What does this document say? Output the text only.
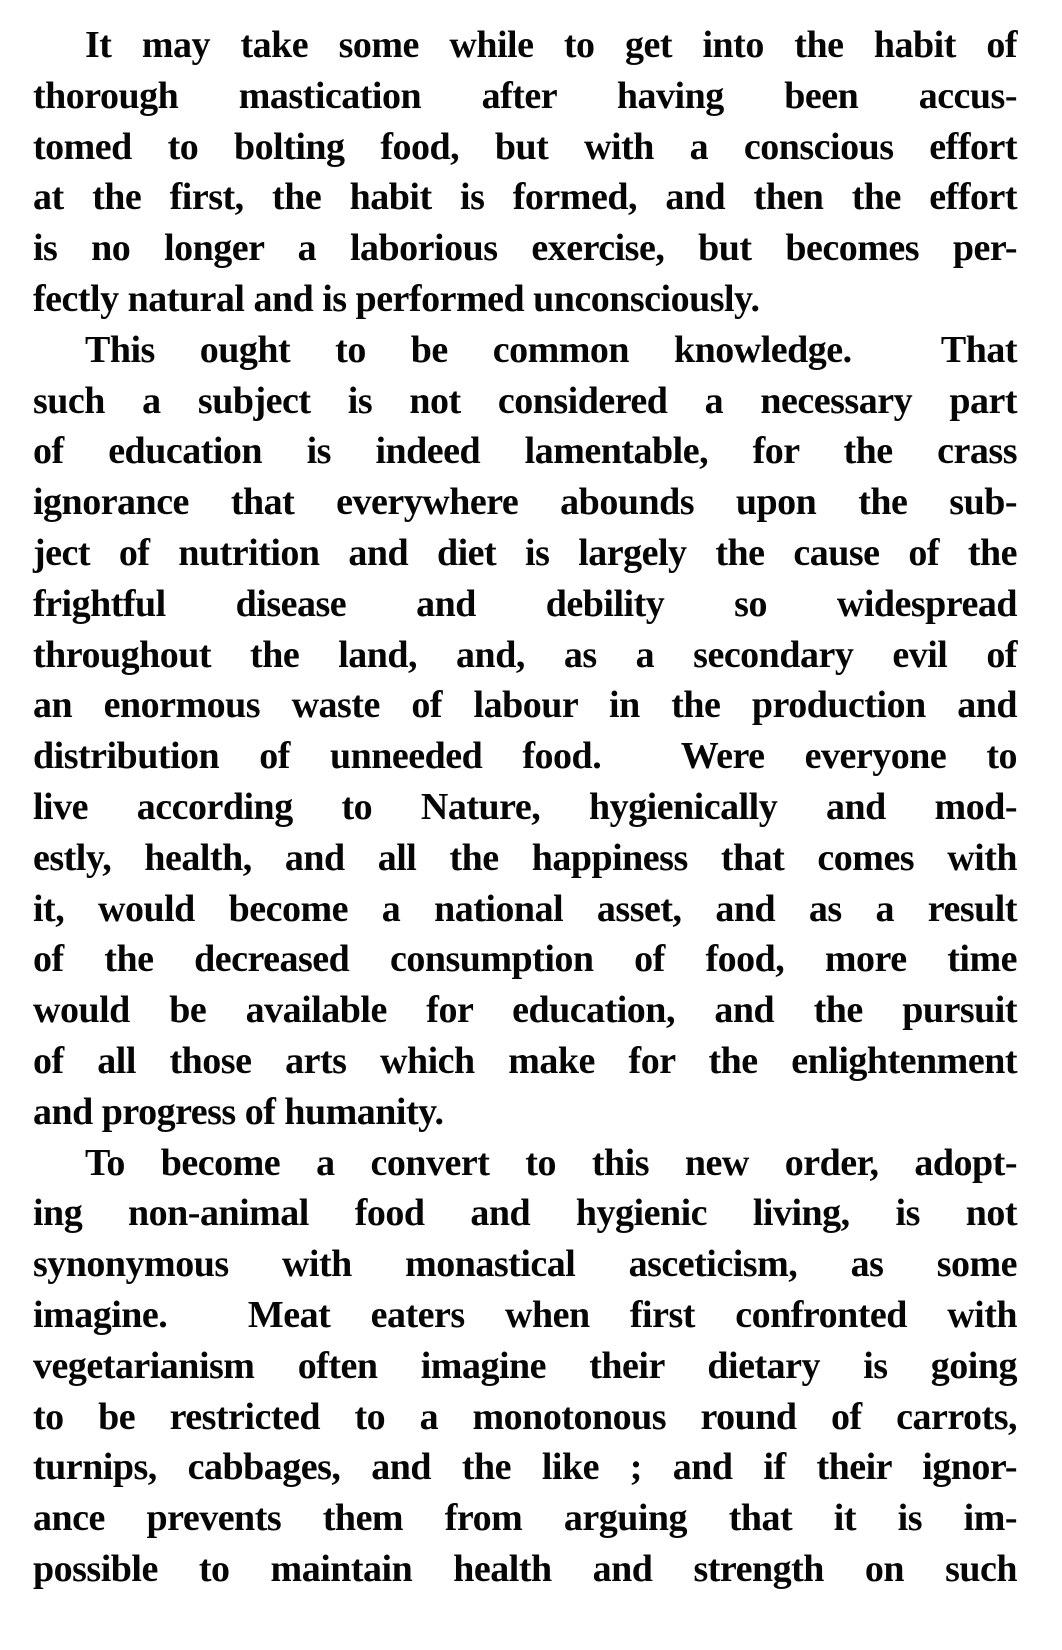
It may take some while to get into the habit of
thorough mastication after having been accus-
tomed to bolting food, but with a conscious effort
at the first, the habit is formed, and then the effort
is no longer a laborious exercise, but becomes per-
fectly natural and is performed unconsciously.
This ought to be common knowledge.  That
such a subject is not considered a necessary part
of education is indeed lamentable, for the crass
ignorance that everywhere abounds upon the sub-
ject of nutrition and diet is largely the cause of the
frightful disease and debility so widespread
throughout the land, and, as a secondary evil of
an enormous waste of labour in the production and
distribution of unneeded food.  Were everyone to
live according to Nature, hygienically and mod-
estly, health, and all the happiness that comes with
it, would become a national asset, and as a result
of the decreased consumption of food, more time
would be available for education, and the pursuit
of all those arts which make for the enlightenment
and progress of humanity.
To become a convert to this new order, adopt-
ing non-animal food and hygienic living, is not
synonymous with monastical asceticism, as some
imagine.  Meat eaters when first confronted with
vegetarianism often imagine their dietary is going
to be restricted to a monotonous round of carrots,
turnips, cabbages, and the like ; and if their ignor-
ance prevents them from arguing that it is im-
possible to maintain health and strength on such
